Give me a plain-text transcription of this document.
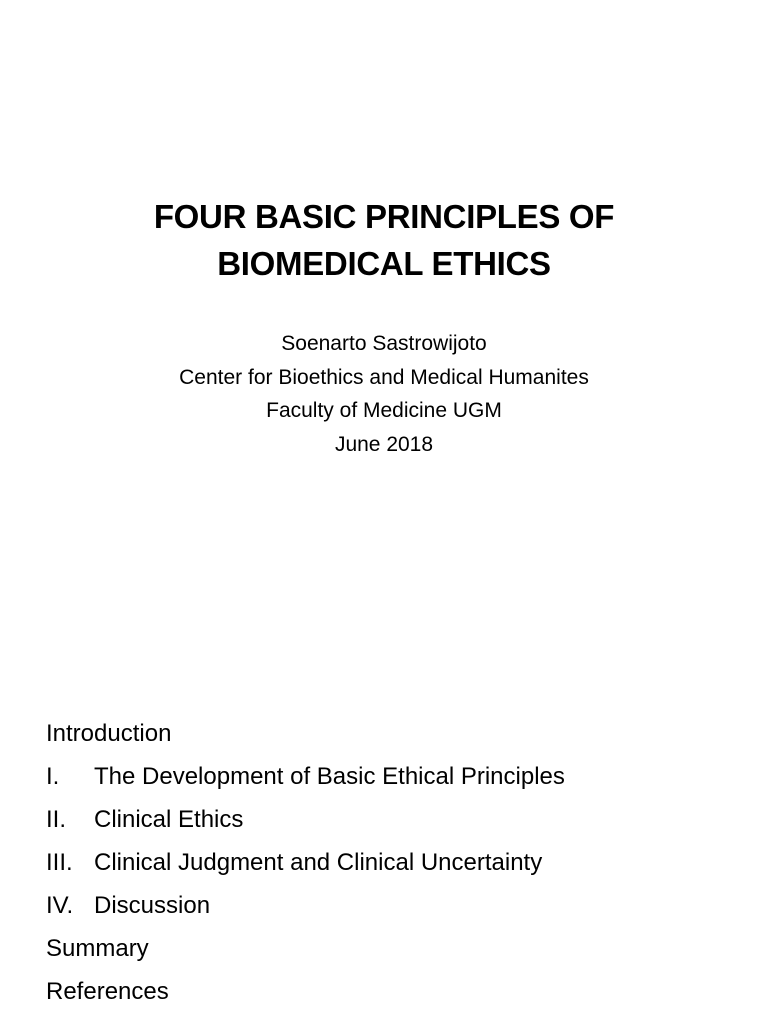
FOUR BASIC PRINCIPLES OF
BIOMEDICAL ETHICS
Soenarto Sastrowijoto
Center for Bioethics and Medical Humanites
Faculty of Medicine UGM
June 2018
Introduction
I.	The Development of Basic Ethical Principles
II.	Clinical Ethics
III. Clinical Judgment and Clinical Uncertainty
IV. Discussion
Summary
References
